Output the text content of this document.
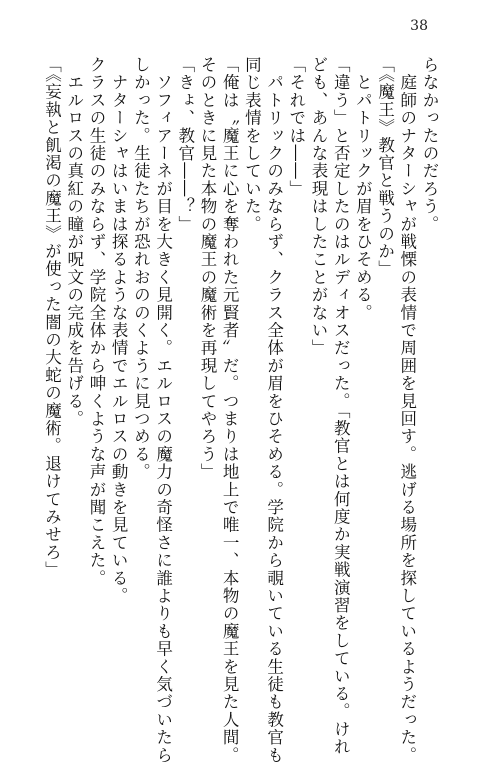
38
らなかったのだろう。
　庭師のナターシャが戦慄の表情で周囲を見回す。逃げる場所を探しているようだった。
「《魔王》教官と戦うのか」
　とパトリックが眉をひそめる。
「違う」と否定したのはルディオスだった。「教官とは何度か実戦演習をしている。けれ
ども、あんな表現はしたことがない」
「それでは――」
　パトリックのみならず、クラス全体が眉をひそめる。学院から覗いている生徒も教官も
同じ表情をしていた。
「俺は〝魔王に心を奪われた元賢者〟だ。つまりは地上で唯一、本物の魔王を見た人間。
そのときに見た本物の魔王の魔術を再現してやろう」
「きょ、教官――？」
　ソフィアーネが目を大きく見開く。エルロスの魔力の奇怪さに誰よりも早く気づいたら
しかった。生徒たちが恐れおののくように見つめる。
　ナターシャはいまは探るような表情でエルロスの動きを見ている。
クラスの生徒のみならず、学院全体から呻くような声が聞こえた。
　エルロスの真紅の瞳が呪文の完成を告げる。
「《妄執と飢渇の魔王》が使った闇の大蛇の魔術。退けてみせろ」
